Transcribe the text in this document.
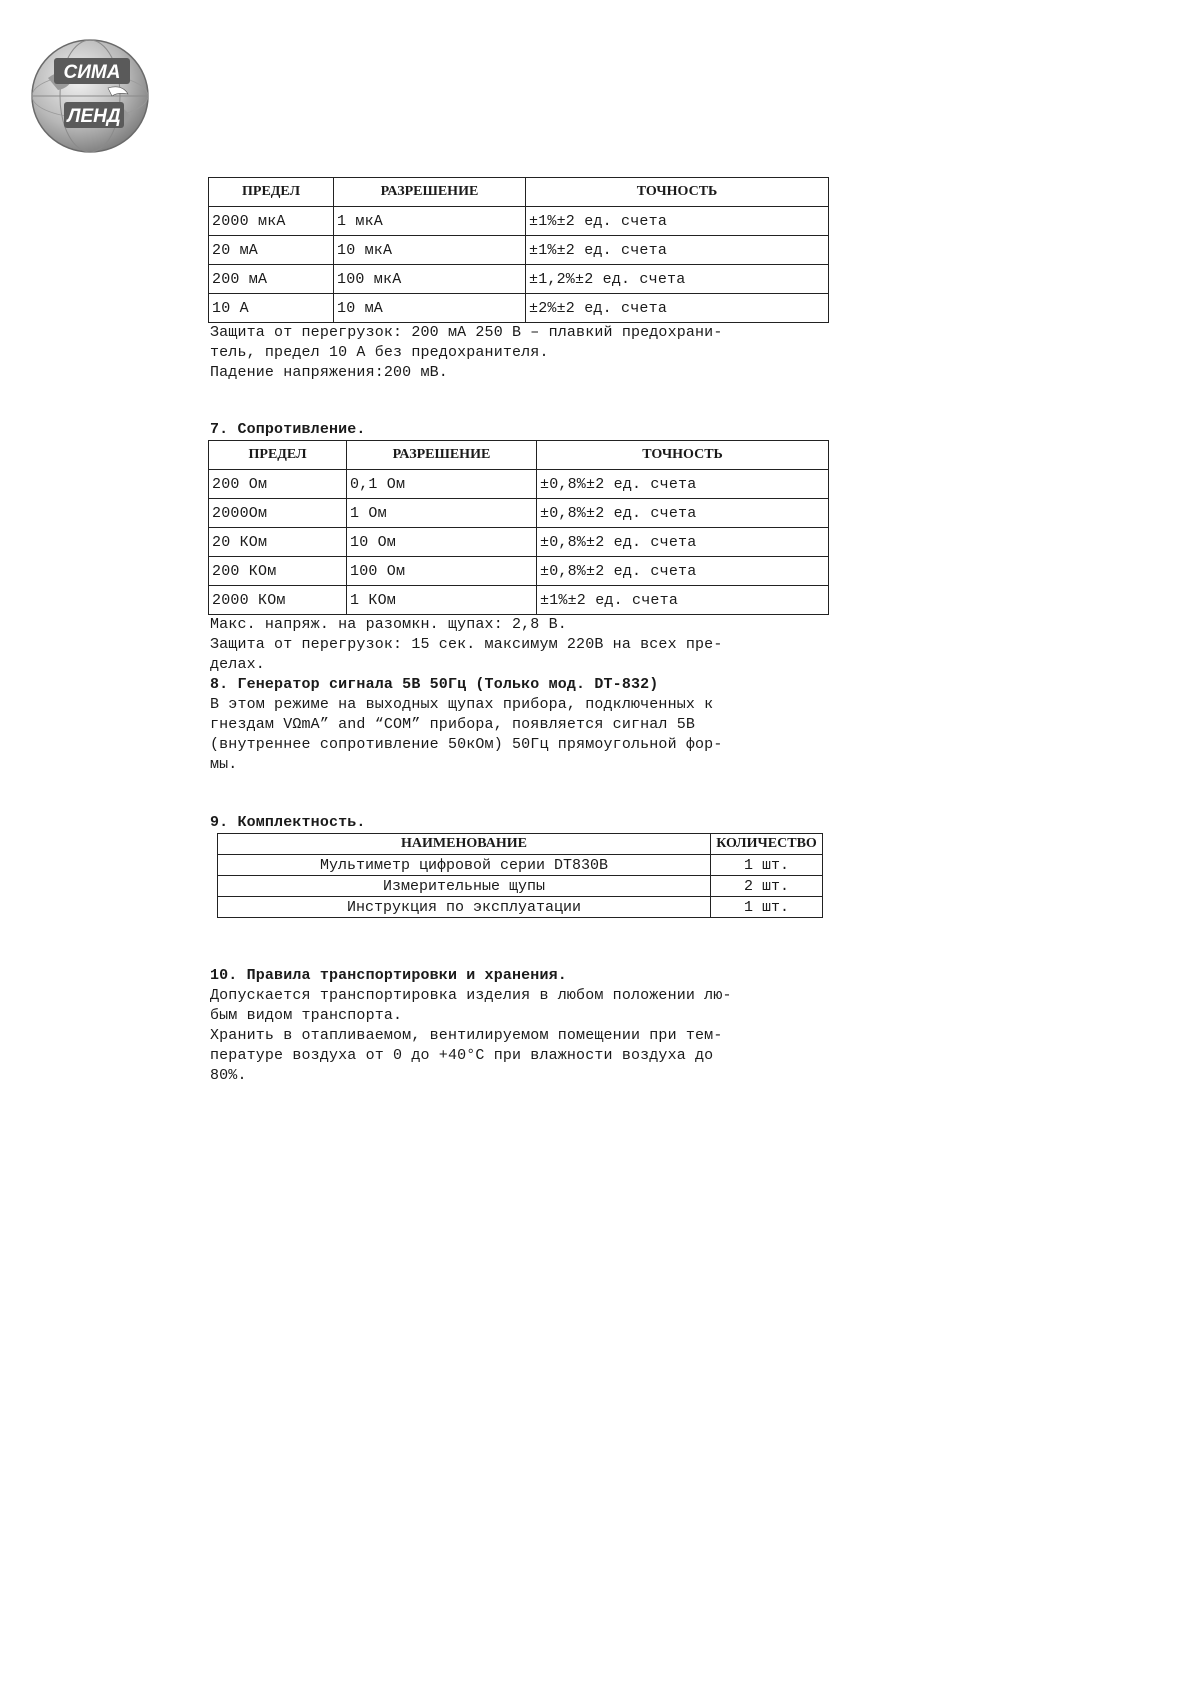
СИМА
ЛЕНД
ПРЕДЕЛ	РАЗРЕШЕНИЕ	ТОЧНОСТЬ
2000 мкА	1 мкА	±1%±2 ед. счета
20 мА	10 мкА	±1%±2 ед. счета
200 мА	100 мкА	±1,2%±2 ед. счета
10 А	10 мА	±2%±2 ед. счета

Защита от перегрузок: 200 мА 250 В – плавкий предохрани-

тель, предел 10 А без предохранителя.

Падение напряжения:200 мВ.

7. Сопротивление.

ПРЕДЕЛ	РАЗРЕШЕНИЕ	ТОЧНОСТЬ
200 Ом	0,1 Ом	±0,8%±2 ед. счета
2000Ом	1 Ом	±0,8%±2 ед. счета
20 КОм	10 Ом	±0,8%±2 ед. счета
200 КОм	100 Ом	±0,8%±2 ед. счета
2000 КОм	1 КОм	±1%±2 ед. счета

Макс. напряж. на разомкн. щупах: 2,8 В.

Защита от перегрузок: 15 сек. максимум 220В на всех пре-

делах.

8. Генератор сигнала 5В 50Гц (Только мод. DT-832)

В этом режиме на выходных щупах прибора, подключенных к

гнездам VΩmA” and “COM” прибора, появляется сигнал 5В

(внутреннее сопротивление 50кОм) 50Гц прямоугольной фор-

мы.

9. Комплектность.

НАИМЕНОВАНИЕ	КОЛИЧЕСТВО
Мультиметр цифровой серии DT830B	1 шт.
Измерительные щупы	2 шт.
Инструкция по эксплуатации	1 шт.

10. Правила транспортировки и хранения.

Допускается транспортировка изделия в любом положении лю-

бым видом транспорта.

Хранить в отапливаемом, вентилируемом помещении при тем-

пературе воздуха от 0 до +40°C при влажности воздуха до

80%.
